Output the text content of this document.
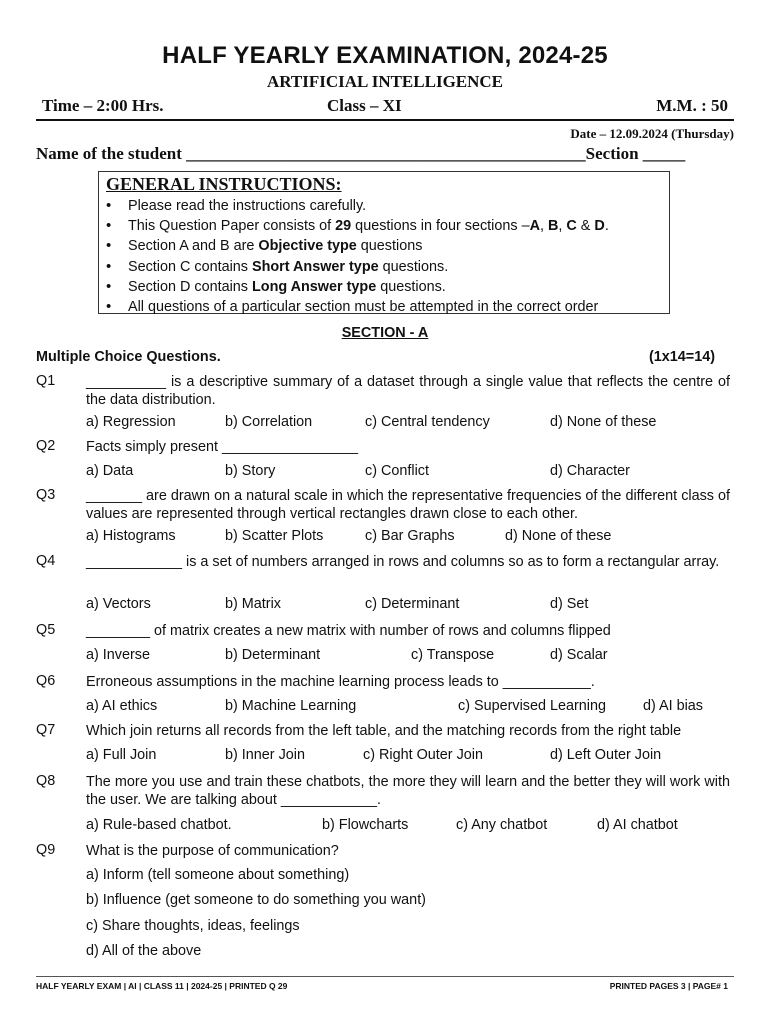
HALF YEARLY EXAMINATION, 2024-25
ARTIFICIAL INTELLIGENCE
Time – 2:00 Hrs.	Class – XI	M.M. : 50
Date – 12.09.2024 (Thursday)
Name of the student _______________________________________________Section _____
GENERAL INSTRUCTIONS:
• Please read the instructions carefully.
• This Question Paper consists of 29 questions in four sections –A, B, C & D.
• Section A and B are Objective type questions
• Section C contains Short Answer type questions.
• Section D contains Long Answer type questions.
• All questions of a particular section must be attempted in the correct order
SECTION - A
Multiple Choice Questions.	(1x14=14)
Q1 __________ is a descriptive summary of a dataset through a single value that reflects the centre of the data distribution.
a) Regression	b) Correlation	c) Central tendency	d) None of these
Q2 Facts simply present _________________
a) Data	b) Story	c) Conflict	d) Character
Q3 _______ are drawn on a natural scale in which the representative frequencies of the different class of values are represented through vertical rectangles drawn close to each other.
a) Histograms	b) Scatter Plots	c) Bar Graphs	d) None of these
Q4 ____________ is a set of numbers arranged in rows and columns so as to form a rectangular array.
a) Vectors	b) Matrix	c) Determinant	d) Set
Q5 ________ of matrix creates a new matrix with number of rows and columns flipped
a) Inverse	b) Determinant	c) Transpose	d) Scalar
Q6 Erroneous assumptions in the machine learning process leads to ___________.
a) AI ethics	b) Machine Learning	c) Supervised Learning	d) AI bias
Q7 Which join returns all records from the left table, and the matching records from the right table
a) Full Join	b) Inner Join	c) Right Outer Join	d) Left Outer Join
Q8 The more you use and train these chatbots, the more they will learn and the better they will work with the user. We are talking about ____________.
a) Rule-based chatbot.	b) Flowcharts	c) Any chatbot	d) AI chatbot
Q9 What is the purpose of communication?
a) Inform (tell someone about something)
b) Influence (get someone to do something you want)
c) Share thoughts, ideas, feelings
d) All of the above
HALF YEARLY EXAM | AI | CLASS 11 | 2024-25 | PRINTED Q 29	PRINTED PAGES 3 | PAGE# 1
